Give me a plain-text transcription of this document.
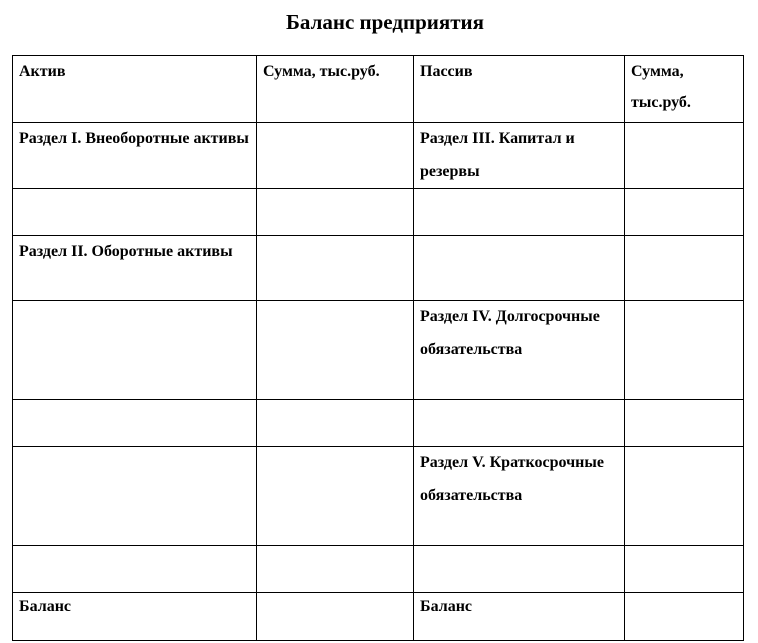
Баланс предприятия
Актив	Сумма, тыс.руб.	Пассив	Сумма, тыс.руб.

Раздел I. Внеоборотные активы		Раздел III. Капитал и резервы	

Раздел II. Оборотные активы			

		Раздел IV. Долгосрочные обязательства	

		Раздел V. Краткосрочные обязательства	

Баланс		Баланс	
